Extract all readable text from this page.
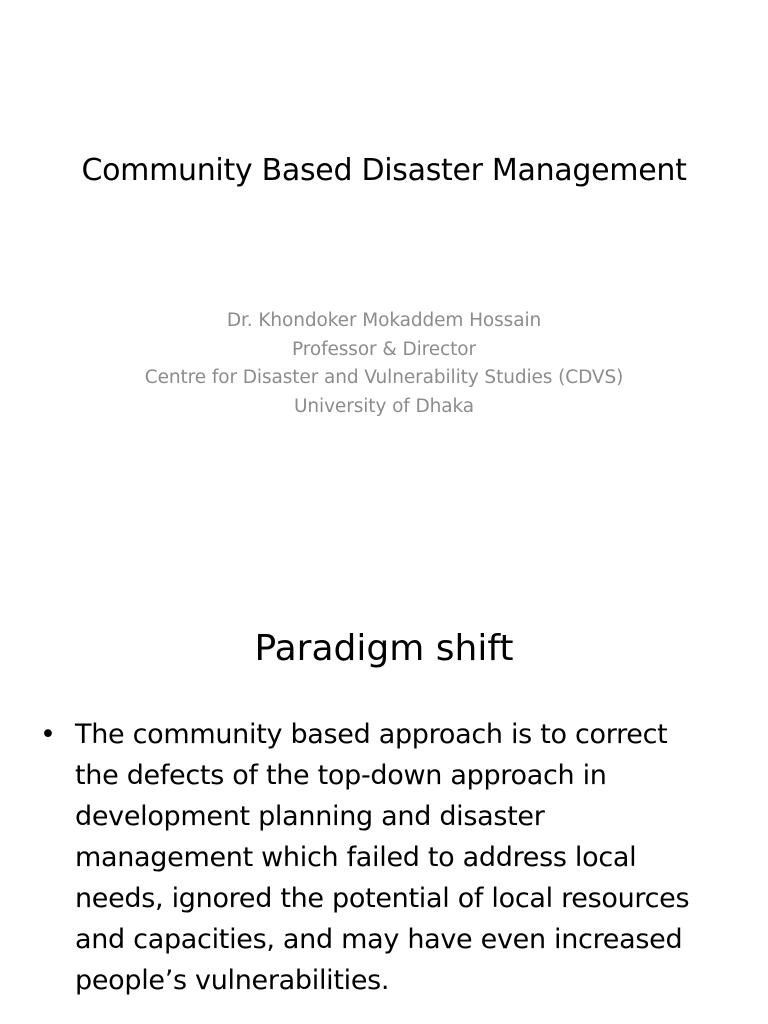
Community Based Disaster Management
Dr. Khondoker Mokaddem Hossain
Professor & Director
Centre for Disaster and Vulnerability Studies (CDVS)
University of Dhaka
Paradigm shift
• The community based approach is to correct
the defects of the top-down approach in
development planning and disaster
management which failed to address local
needs, ignored the potential of local resources
and capacities, and may have even increased
people’s vulnerabilities.
